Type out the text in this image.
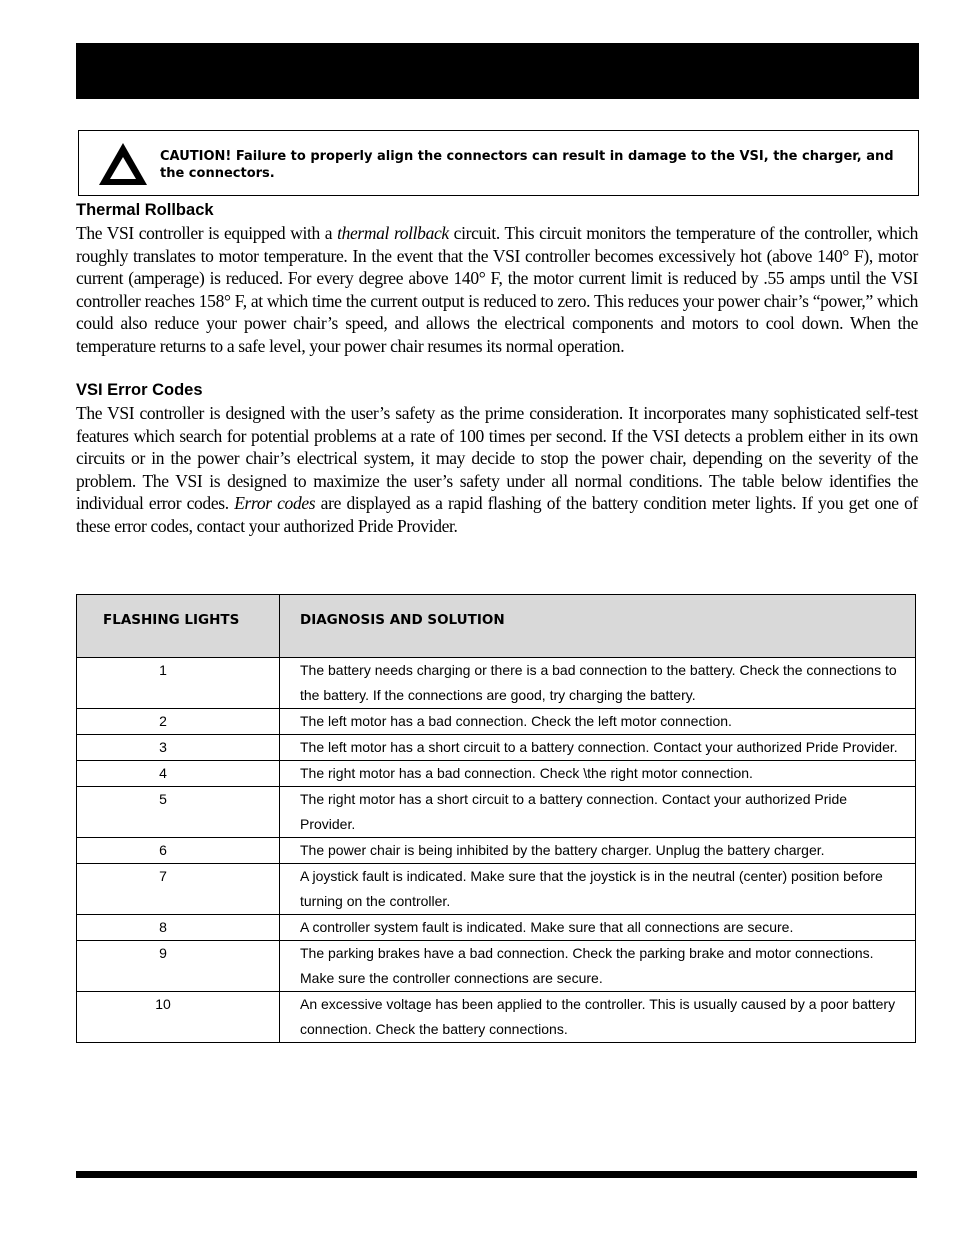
CAUTION! Failure to properly align the connectors can result in damage to the VSI, the charger, and the connectors.
Thermal Rollback

The VSI controller is equipped with a thermal rollback circuit. This circuit monitors the temperature of the controller, which roughly translates to motor temperature. In the event that the VSI controller becomes excessively hot (above 140° F), motor current (amperage) is reduced. For every degree above 140° F, the motor current limit is reduced by .55 amps until the VSI controller reaches 158° F, at which time the current output is reduced to zero. This reduces your power chair’s “power,” which could also reduce your power chair’s speed, and allows the electrical components and motors to cool down. When the temperature returns to a safe level, your power chair resumes its normal operation.

VSI Error Codes

The VSI controller is designed with the user’s safety as the prime consideration. It incorporates many sophisticated self-test features which search for potential problems at a rate of 100 times per second. If the VSI detects a problem either in its own circuits or in the power chair’s electrical system, it may decide to stop the power chair, depending on the severity of the problem. The VSI is designed to maximize the user’s safety under all normal conditions. The table below identifies the individual error codes. Error codes are displayed as a rapid flashing of the battery condition meter lights. If you get one of these error codes, contact your authorized Pride Provider.

FLASHING LIGHTS	DIAGNOSIS AND SOLUTION
1	The battery needs charging or there is a bad connection to the battery. Check the connections to the battery. If the connections are good, try charging the battery.
2	The left motor has a bad connection. Check the left motor connection.
3	The left motor has a short circuit to a battery connection. Contact your authorized Pride Provider.
4	The right motor has a bad connection. Check \the right motor connection.
5	The right motor has a short circuit to a battery connection. Contact your authorized Pride Provider.
6	The power chair is being inhibited by the battery charger. Unplug the battery charger.
7	A joystick fault is indicated. Make sure that the joystick is in the neutral (center) position before turning on the controller.
8	A controller system fault is indicated. Make sure that all connections are secure.
9	The parking brakes have a bad connection. Check the parking brake and motor connections. Make sure the controller connections are secure.
10	An excessive voltage has been applied to the controller. This is usually caused by a poor battery connection. Check the battery connections.
